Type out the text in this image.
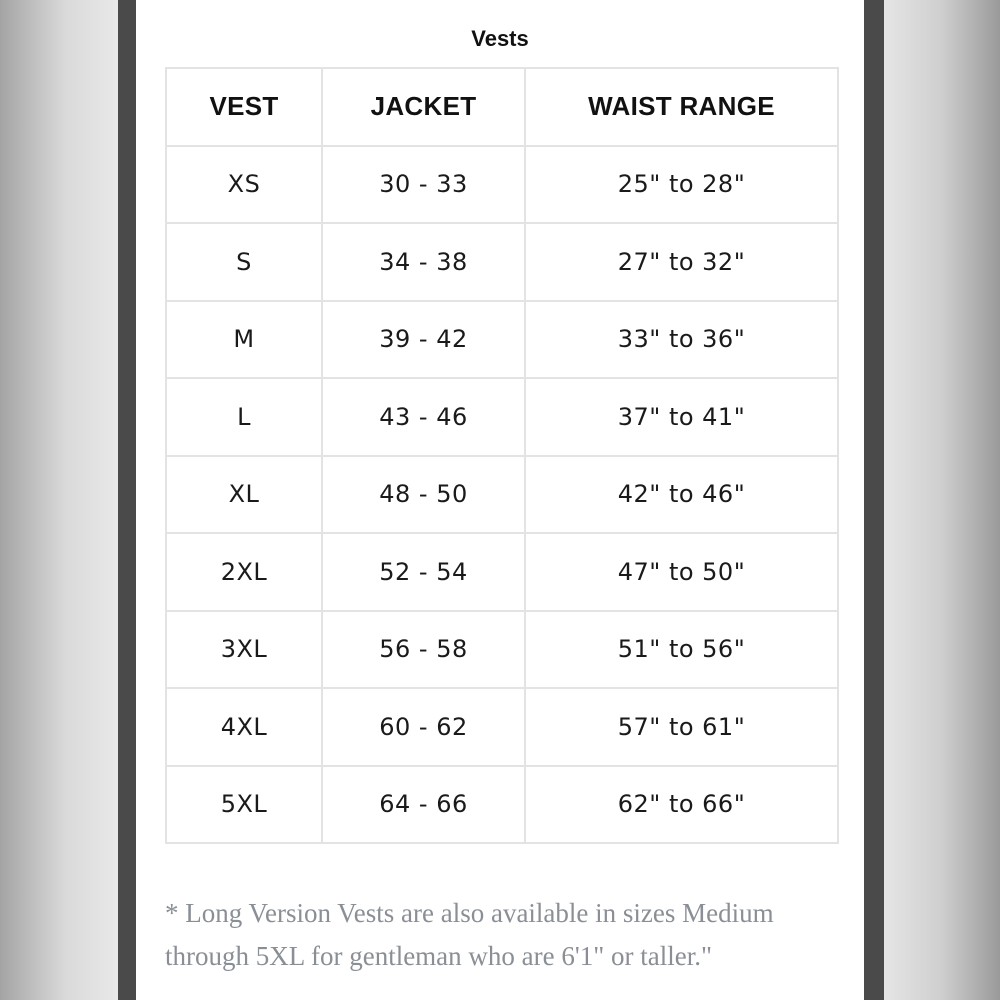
Vests
VEST	JACKET	WAIST RANGE
XS	30 - 33	25" to 28"
S	34 - 38	27" to 32"
M	39 - 42	33" to 36"
L	43 - 46	37" to 41"
XL	48 - 50	42" to 46"
2XL	52 - 54	47" to 50"
3XL	56 - 58	51" to 56"
4XL	60 - 62	57" to 61"
5XL	64 - 66	62" to 66"
* Long Version Vests are also available in sizes Medium through 5XL for gentleman who are 6'1" or taller."
